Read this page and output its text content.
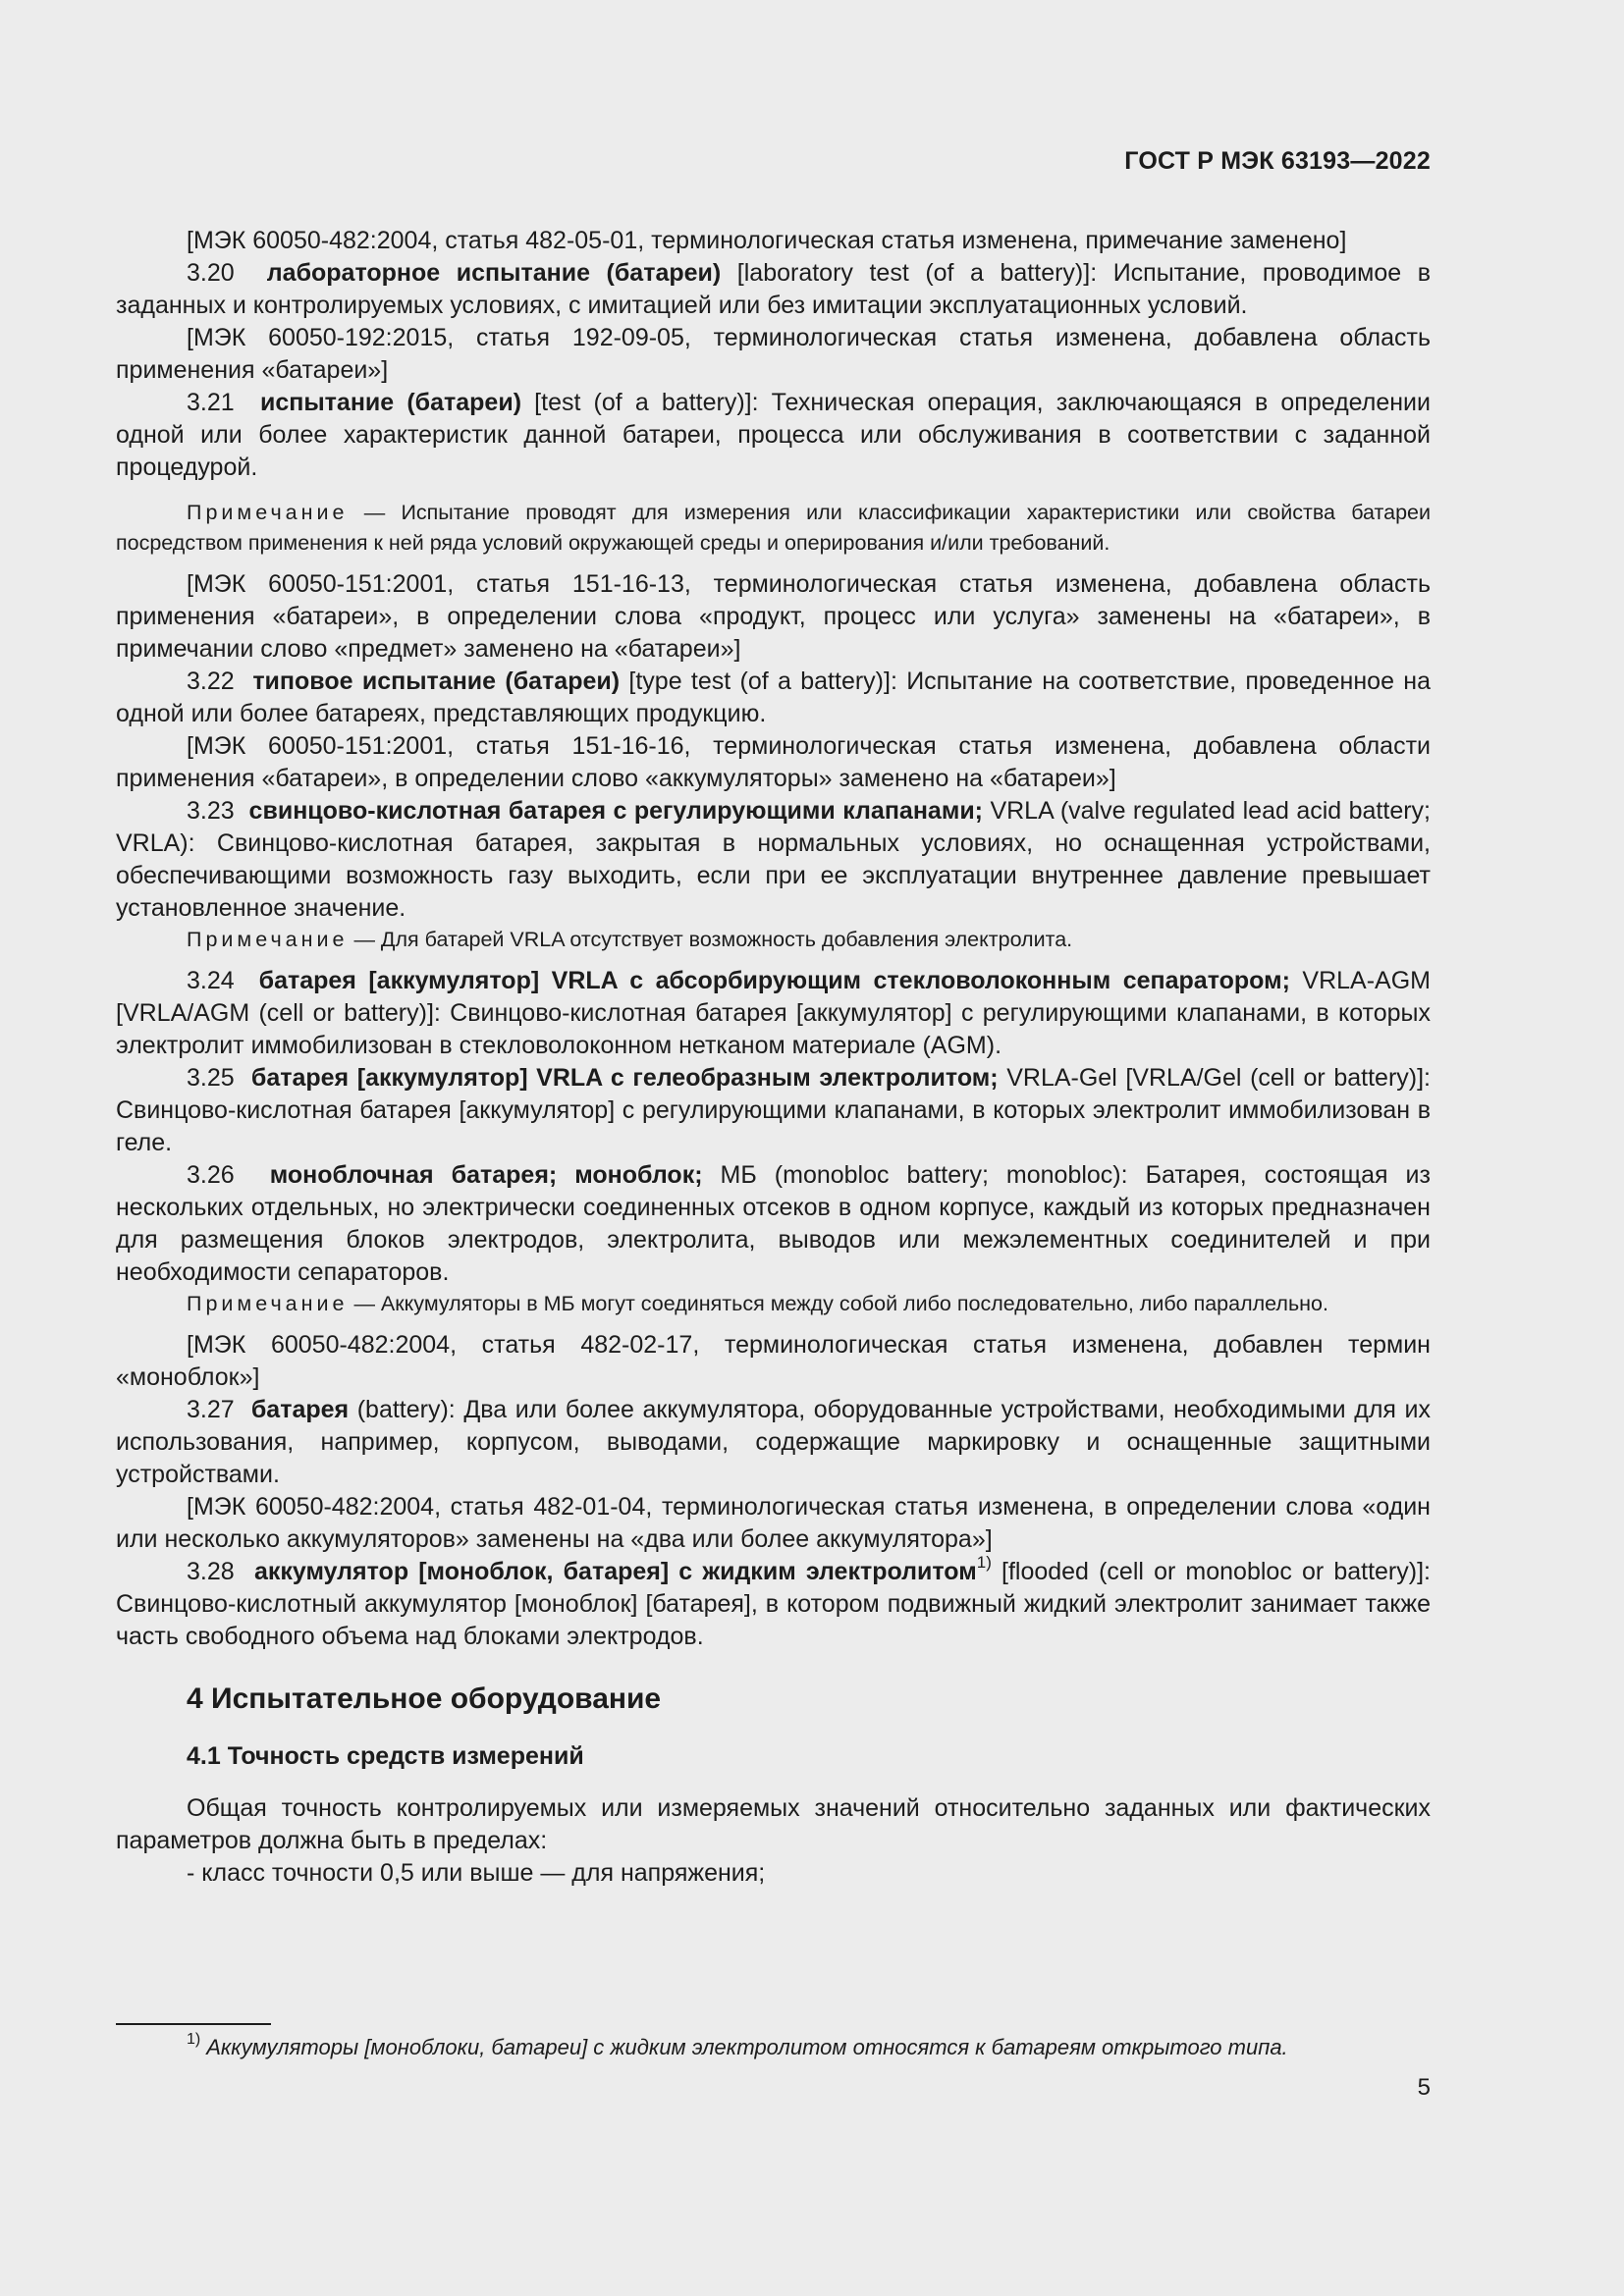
ГОСТ Р МЭК 63193—2022

[МЭК 60050-482:2004, статья 482-05-01, терминологическая статья изменена, примечание заменено]

3.20 лабораторное испытание (батареи) [laboratory test (of a battery)]: Испытание, проводимое в заданных и контролируемых условиях, с имитацией или без имитации эксплуатационных условий.

[МЭК 60050-192:2015, статья 192-09-05, терминологическая статья изменена, добавлена область применения «батареи»]

3.21 испытание (батареи) [test (of a battery)]: Техническая операция, заключающаяся в определении одной или более характеристик данной батареи, процесса или обслуживания в соответствии с заданной процедурой.

Примечание — Испытание проводят для измерения или классификации характеристики или свойства батареи посредством применения к ней ряда условий окружающей среды и оперирования и/или требований.

[МЭК 60050-151:2001, статья 151-16-13, терминологическая статья изменена, добавлена область применения «батареи», в определении слова «продукт, процесс или услуга» заменены на «батареи», в примечании слово «предмет» заменено на «батареи»]

3.22 типовое испытание (батареи) [type test (of a battery)]: Испытание на соответствие, проведенное на одной или более батареях, представляющих продукцию.

[МЭК 60050-151:2001, статья 151-16-16, терминологическая статья изменена, добавлена области применения «батареи», в определении слово «аккумуляторы» заменено на «батареи»]

3.23 свинцово-кислотная батарея с регулирующими клапанами; VRLA (valve regulated lead acid battery; VRLA): Свинцово-кислотная батарея, закрытая в нормальных условиях, но оснащенная устройствами, обеспечивающими возможность газу выходить, если при ее эксплуатации внутреннее давление превышает установленное значение.

Примечание — Для батарей VRLA отсутствует возможность добавления электролита.

3.24 батарея [аккумулятор] VRLA с абсорбирующим стекловолоконным сепаратором; VRLA-AGM [VRLA/AGM (cell or battery)]: Свинцово-кислотная батарея [аккумулятор] с регулирующими клапанами, в которых электролит иммобилизован в стекловолоконном нетканом материале (AGM).

3.25 батарея [аккумулятор] VRLA с гелеобразным электролитом; VRLA-Gel [VRLA/Gel (cell or battery)]: Свинцово-кислотная батарея [аккумулятор] с регулирующими клапанами, в которых электролит иммобилизован в геле.

3.26 моноблочная батарея; моноблок; МБ (monobloc battery; monobloc): Батарея, состоящая из нескольких отдельных, но электрически соединенных отсеков в одном корпусе, каждый из которых предназначен для размещения блоков электродов, электролита, выводов или межэлементных соединителей и при необходимости сепараторов.

Примечание — Аккумуляторы в МБ могут соединяться между собой либо последовательно, либо параллельно.

[МЭК 60050-482:2004, статья 482-02-17, терминологическая статья изменена, добавлен термин «моноблок»]

3.27 батарея (battery): Два или более аккумулятора, оборудованные устройствами, необходимыми для их использования, например, корпусом, выводами, содержащие маркировку и оснащенные защитными устройствами.

[МЭК 60050-482:2004, статья 482-01-04, терминологическая статья изменена, в определении слова «один или несколько аккумуляторов» заменены на «два или более аккумулятора»]

3.28 аккумулятор [моноблок, батарея] с жидким электролитом$^{1)}$ [flooded (cell or monobloc or battery)]: Свинцово-кислотный аккумулятор [моноблок] [батарея], в котором подвижный жидкий электролит занимает также часть свободного объема над блоками электродов.

4 Испытательное оборудование
4.1 Точность средств измерений

Общая точность контролируемых или измеряемых значений относительно заданных или фактических параметров должна быть в пределах:

- класс точности 0,5 или выше — для напряжения;

$^{1)}$ Аккумуляторы [моноблоки, батареи] с жидким электролитом относятся к батареям открытого типа.
5
